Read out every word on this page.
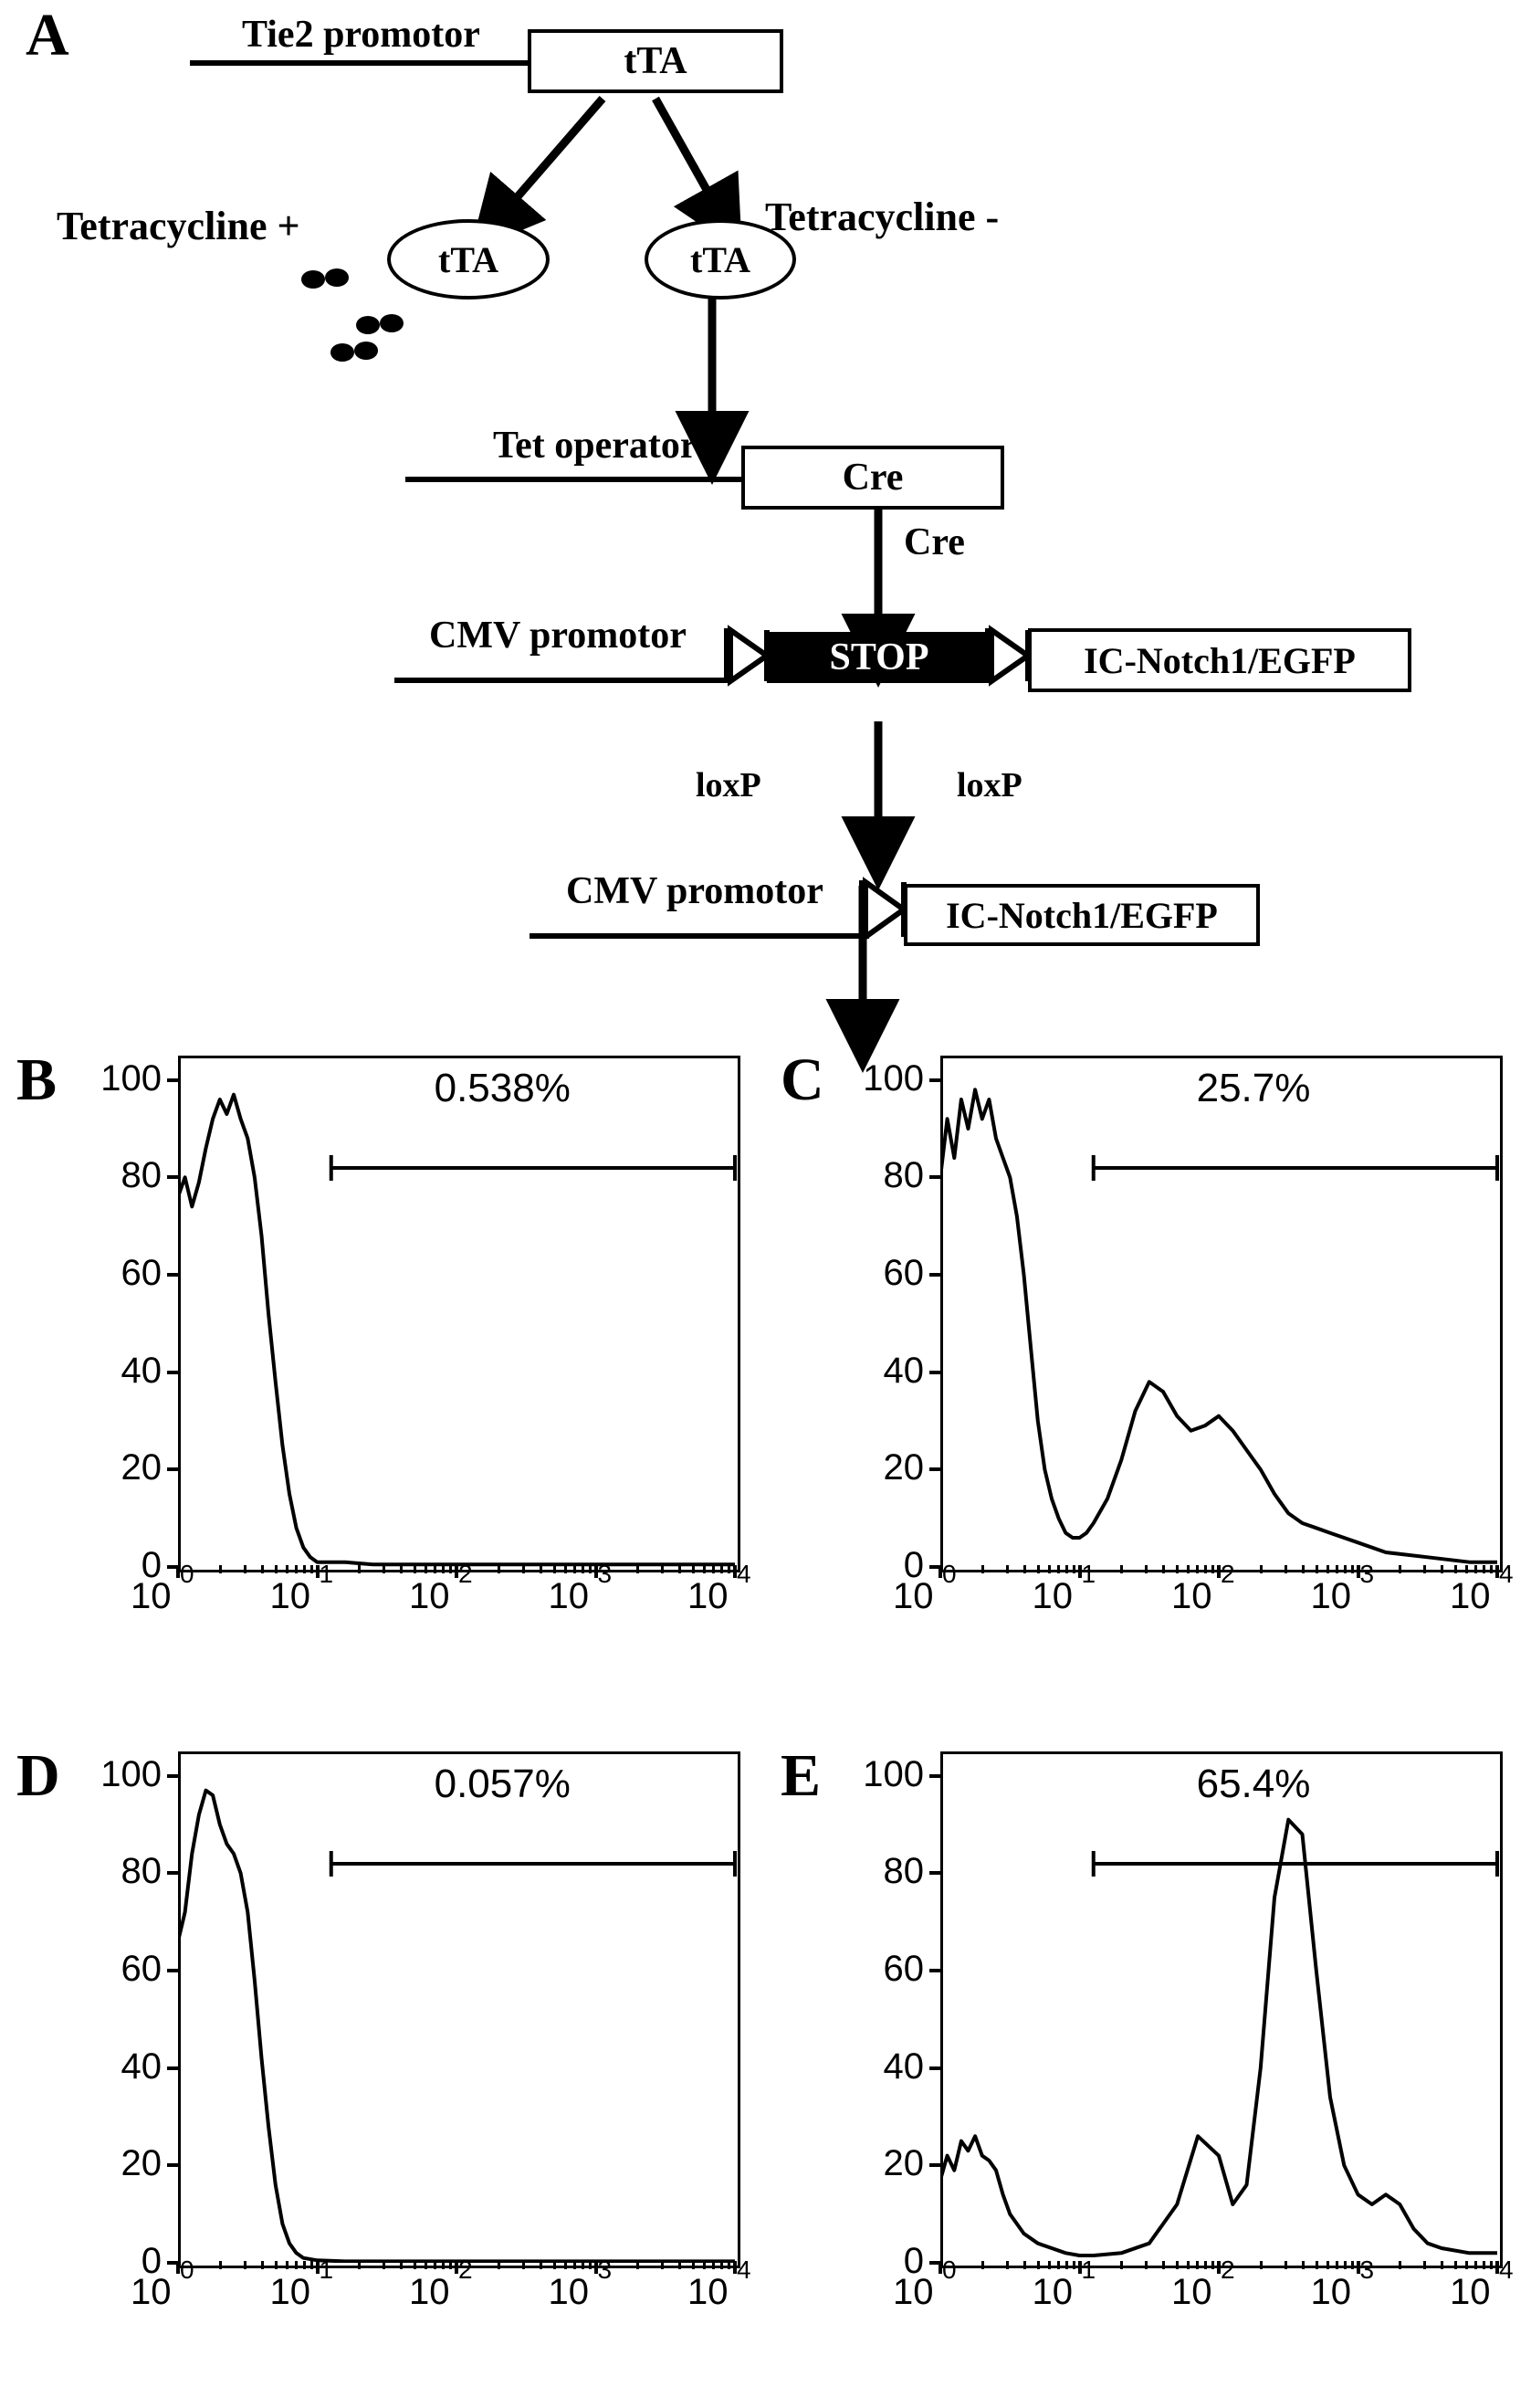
A	Tie2 promotor
tTA
Tetracycline +
tTA	tTA
Tetracycline -
Tet operator
Cre
Cre
CMV promotor
STOP	IC-Notch1/EGFP
loxP	loxP
CMV promotor
IC-Notch1/EGFP
B
0
20
40
60
80
100
10
0
10
1
10
2
10
3
10
4
0.538%	C
0
20
40
60
80
100
10
0
10
1
10
2
10
3
10
4
25.7%
D
0
20
40
60
80
100
10
0
10
1
10
2
10
3
10
4
0.057%	E
0
20
40
60
80
100
10
0
10
1
10
2
10
3
10
4
65.4%
